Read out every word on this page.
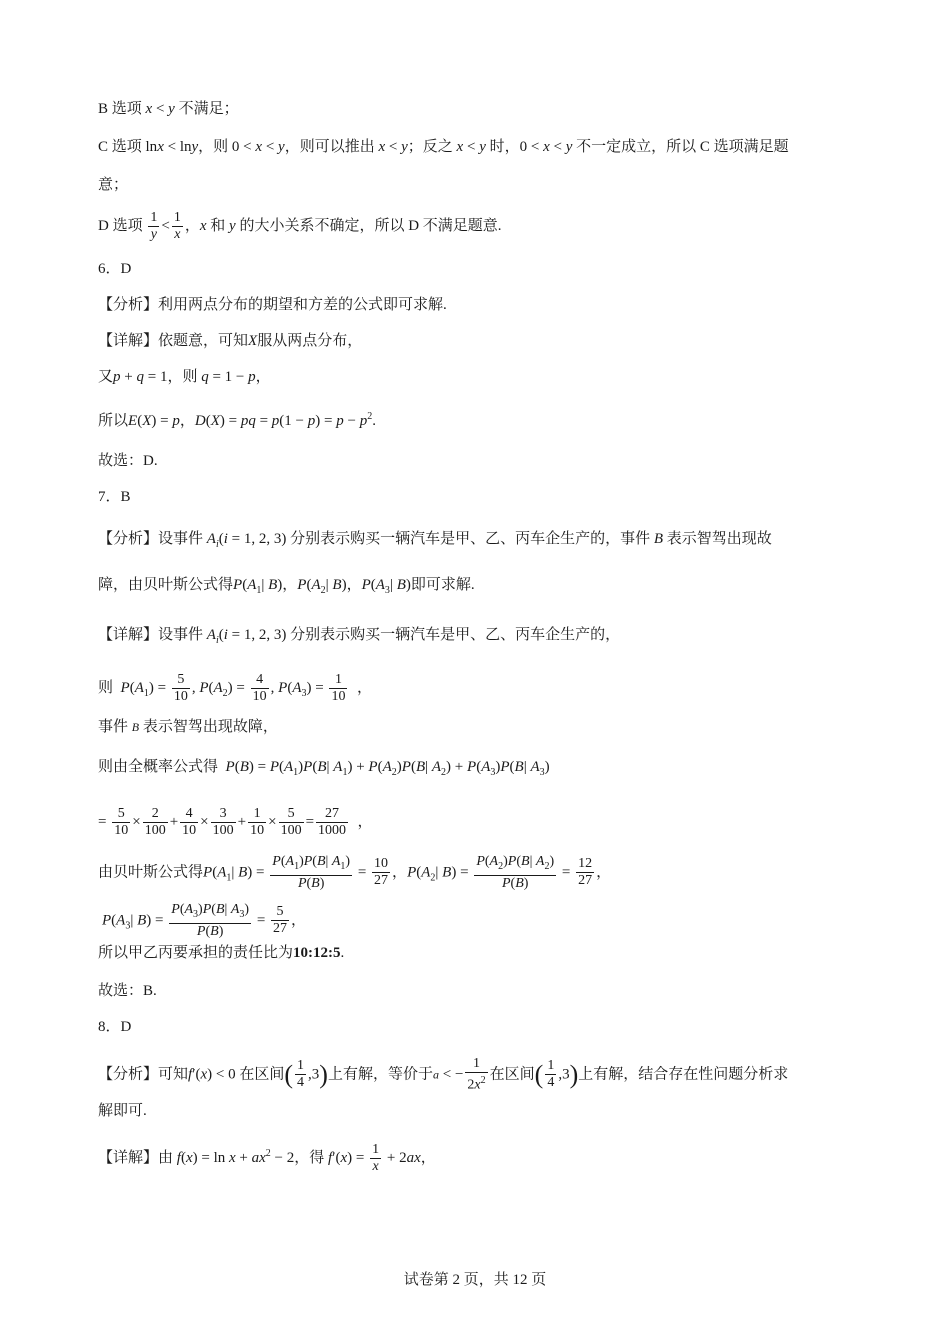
B 选项 x < y 不满足；
C 选项 lnx < lny，则 0 < x < y，则可以推出 x < y；反之 x < y 时，0 < x < y 不一定成立，所以 C 选项满足题
意；
D 选项 $\frac{1}{y} < \frac{1}{x}$ ，x 和 y 的大小关系不确定，所以 D 不满足题意.
6．D
【分析】利用两点分布的期望和方差的公式即可求解.
【详解】依题意，可知X服从两点分布，
又p + q = 1，则 q = 1 − p，
所以E(X) = p，D(X) = pq = $p(1 - p) = p - p^2$.
故选：D.
7．B
【分析】设事件 $A_i(i = 1$, 2, 3) 分别表示购买一辆汽车是甲、乙、丙车企生产的，事件 B 表示智驾出现故
障，由贝叶斯公式得$P(A_1|$ B)，$P(A_2|$ B)，$P(A_3|$ B)即可求解.
【详解】设事件 $A_i(i = 1$, 2, 3) 分别表示购买一辆汽车是甲、乙、丙车企生产的，
则 $P(A_1) = \frac{5}{10}$ , $P(A_2) = \frac{4}{10}$ , $P(A_3) = \frac{1}{10}$ ，
事件 B 表示智驾出现故障，
则由全概率公式得 $P(B) = P(A_1)P(B|$ $A_1) + P(A_2)P(B|$ $A_2) + P(A_3)P(B|$ $A_3$)
= $\frac{5}{10} \times \frac{2}{100} + \frac{4}{10} \times \frac{3}{100} + \frac{1}{10} \times \frac{5}{100} = \frac{27}{1000}$ ，
由贝叶斯公式得$P(A_1|$ $B) = \frac{P(A_1)P(B| A_1)}{P(B)} = \frac{10}{27}$ ，$P(A_2|$ $B) = \frac{P(A_2)P(B| A_2)}{P(B)} = \frac{12}{27}$ ，
$P(A_3|$ $B) = \frac{P(A_3)P(B| A_3)}{P(B)} = \frac{5}{27}$ ，
所以甲乙丙要承担的责任比为10:12:5.
故选：B.
8．D
【分析】可知f′(x) < 0 在区间( $\frac{1}{4} ,3$)上有解，等价于a < − $\frac{1}{2x^2}$ 在区间( $\frac{1}{4} ,3$)上有解，结合存在性问题分析求
解即可.
【详解】由 $f(x) = \ln x + ax^2 - 2$，得 $f'(x) = \frac{1}{x} + 2ax$，
试卷第 2 页，共 12 页
